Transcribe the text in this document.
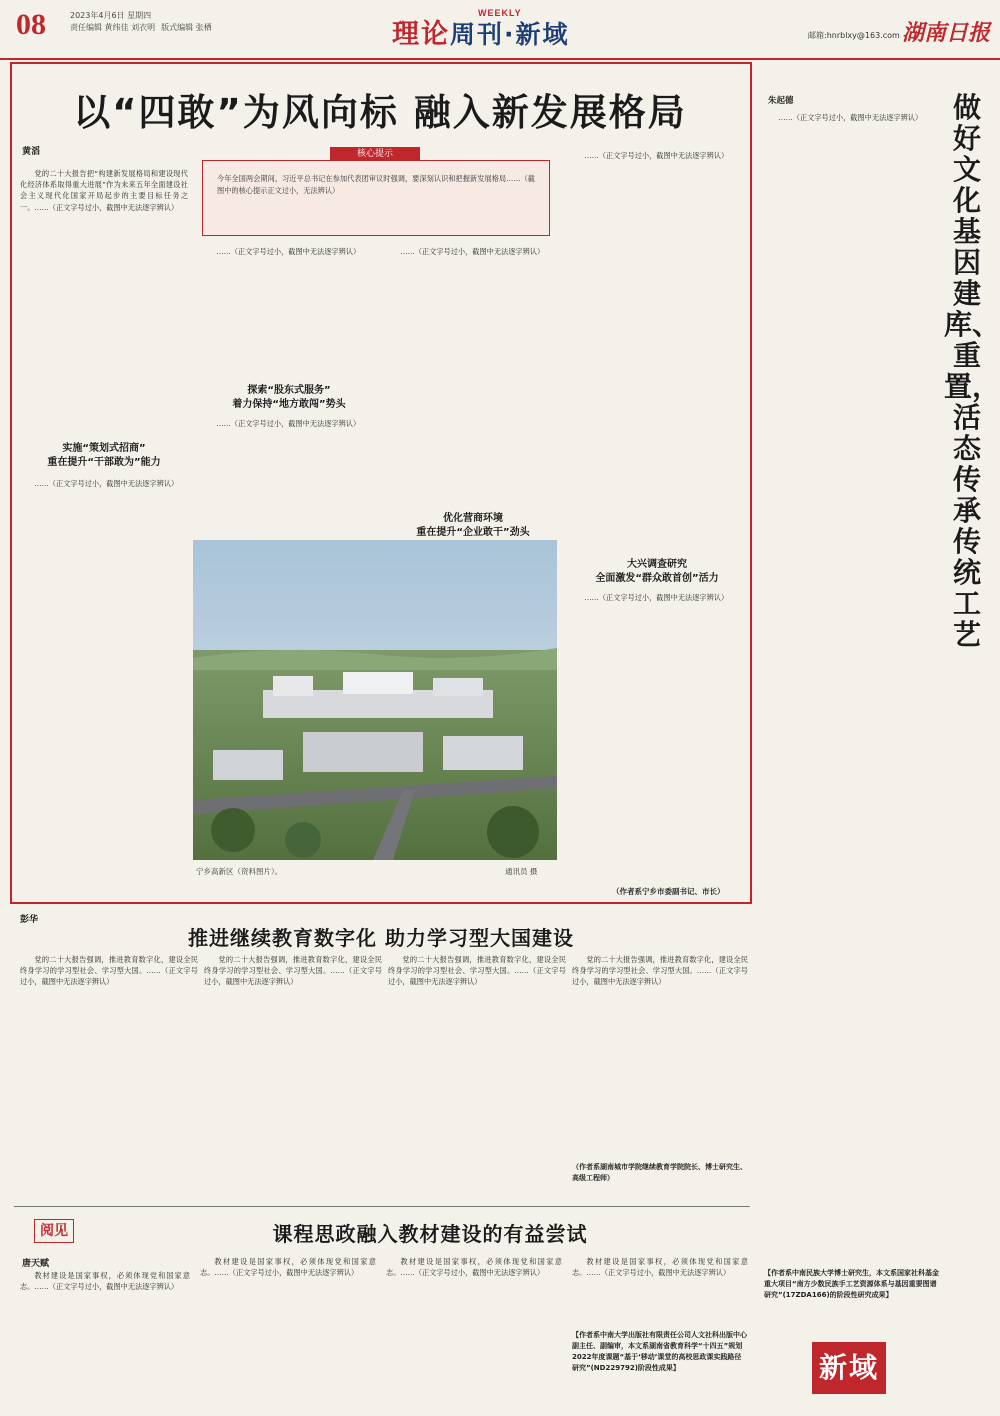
08	2023年4月6日 星期四
责任编辑 黄纬佳 刘衣明 版式编辑 张栖
WEEKLY
理论周刊·新域	邮箱:hnrblxy@163.com 湖南日报
以“四敢”为风向标 融入新发展格局
黄滔	核心提示
今年全国两会期间，习近平总书记在参加代表团审议时强调，要深刻认识和把握新发展格局……（截图中的核心提示正文过小，无法辨认）

党的二十大报告把“构建新发展格局和建设现代化经济体系取得重大进展”作为未来五年全面建设社会主义现代化国家开局起步的主要目标任务之一。……（正文字号过小，截图中无法逐字辨认）

实施“策划式招商”
重在提升“干部敢为”能力

……（正文字号过小，截图中无法逐字辨认）

……（正文字号过小，截图中无法逐字辨认）

探索“股东式服务”
着力保持“地方敢闯”势头

……（正文字号过小，截图中无法逐字辨认）

……（正文字号过小，截图中无法逐字辨认）

优化营商环境
重在提升“企业敢干”劲头

……（正文字号过小，截图中无法逐字辨认）

大兴调查研究
全面激发“群众敢首创”活力

……（正文字号过小，截图中无法逐字辨认）

宁乡高新区（资料图片）。	通讯员 摄
（作者系宁乡市委副书记、市长）
朱起德	做好文化基因建库、重置，活态传承传统工艺

……（正文字号过小，截图中无法逐字辨认）

【作者系中南民族大学博士研究生，本文系国家社科基金重大项目“南方少数民族手工艺资源体系与基因重要图谱研究”(17ZDA166)的阶段性研究成果】
新域
彭华
推进继续教育数字化 助力学习型大国建设

党的二十大报告强调，推进教育数字化，建设全民终身学习的学习型社会、学习型大国。……（正文字号过小，截图中无法逐字辨认）

党的二十大报告强调，推进教育数字化，建设全民终身学习的学习型社会、学习型大国。……（正文字号过小，截图中无法逐字辨认）

党的二十大报告强调，推进教育数字化，建设全民终身学习的学习型社会、学习型大国。……（正文字号过小，截图中无法逐字辨认）

党的二十大报告强调，推进教育数字化，建设全民终身学习的学习型社会、学习型大国。……（正文字号过小，截图中无法逐字辨认）

（作者系湖南城市学院继续教育学院院长、博士研究生、高级工程师）
阅见	课程思政融入教材建设的有益尝试
唐天赋

教材建设是国家事权，必须体现党和国家意志。……（正文字号过小，截图中无法逐字辨认）

教材建设是国家事权，必须体现党和国家意志。……（正文字号过小，截图中无法逐字辨认）

教材建设是国家事权，必须体现党和国家意志。……（正文字号过小，截图中无法逐字辨认）

教材建设是国家事权，必须体现党和国家意志。……（正文字号过小，截图中无法逐字辨认）

【作者系中南大学出版社有限责任公司人文社科出版中心副主任、副编审，本文系湖南省教育科学“十四五”规划 2022年度课题“基于‘移动’课堂的高校思政课实践路径研究”(ND229792)阶段性成果】
